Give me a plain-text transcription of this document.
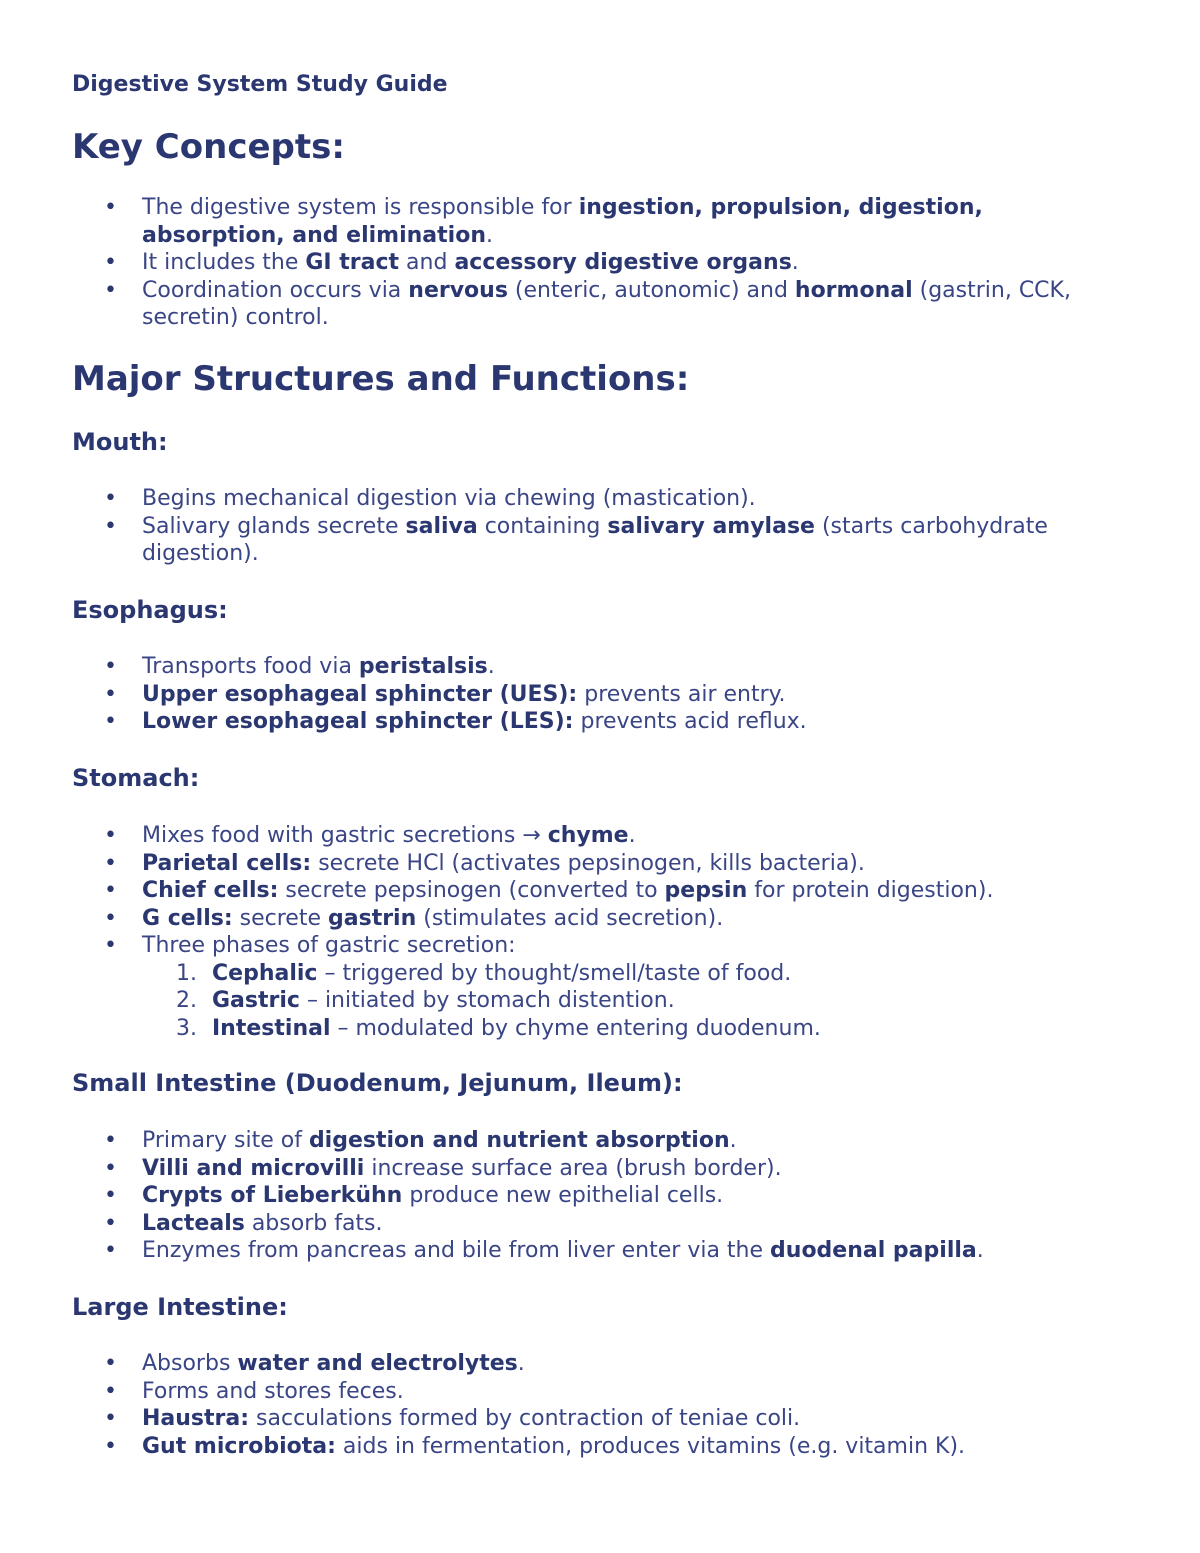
Digestive System Study Guide
Key Concepts:
• The digestive system is responsible for ingestion, propulsion, digestion, absorption, and elimination.
• It includes the GI tract and accessory digestive organs.
• Coordination occurs via nervous (enteric, autonomic) and hormonal (gastrin, CCK, secretin) control.
Major Structures and Functions:
Mouth:
• Begins mechanical digestion via chewing (mastication).
• Salivary glands secrete saliva containing salivary amylase (starts carbohydrate digestion).
Esophagus:
• Transports food via peristalsis.
• Upper esophageal sphincter (UES): prevents air entry.
• Lower esophageal sphincter (LES): prevents acid reflux.
Stomach:
• Mixes food with gastric secretions → chyme.
• Parietal cells: secrete HCl (activates pepsinogen, kills bacteria).
• Chief cells: secrete pepsinogen (converted to pepsin for protein digestion).
• G cells: secrete gastrin (stimulates acid secretion).
• Three phases of gastric secretion:
1. Cephalic – triggered by thought/smell/taste of food.
2. Gastric – initiated by stomach distention.
3. Intestinal – modulated by chyme entering duodenum.
Small Intestine (Duodenum, Jejunum, Ileum):
• Primary site of digestion and nutrient absorption.
• Villi and microvilli increase surface area (brush border).
• Crypts of Lieberkühn produce new epithelial cells.
• Lacteals absorb fats.
• Enzymes from pancreas and bile from liver enter via the duodenal papilla.
Large Intestine:
• Absorbs water and electrolytes.
• Forms and stores feces.
• Haustra: sacculations formed by contraction of teniae coli.
• Gut microbiota: aids in fermentation, produces vitamins (e.g. vitamin K).
